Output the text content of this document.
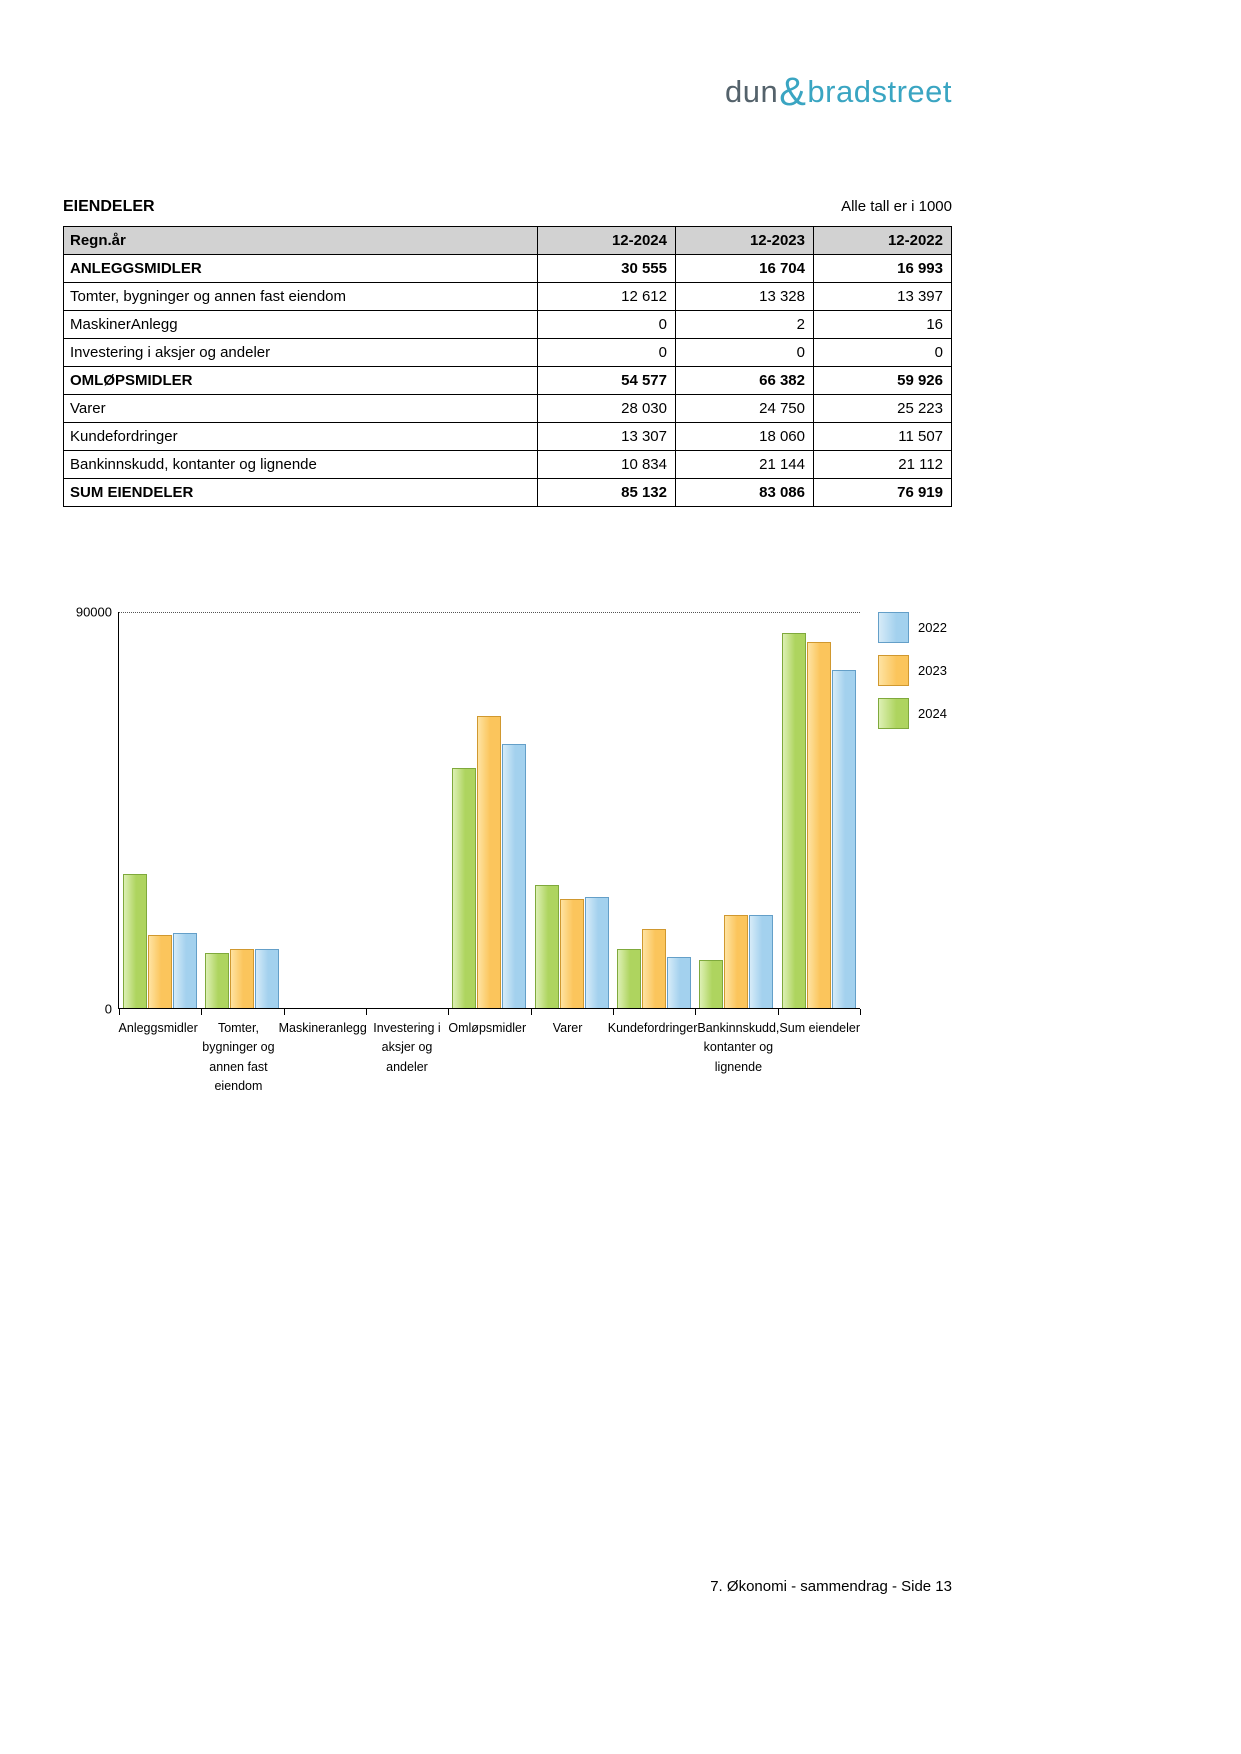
dun&bradstreet
EIENDELER	Alle tall er i 1000
Regn.år	12-2024	12-2023	12-2022
ANLEGGSMIDLER	30 555	16 704	16 993
Tomter, bygninger og annen fast eiendom	12 612	13 328	13 397
MaskinerAnlegg	0	2	16
Investering i aksjer og andeler	0	0	0
OMLØPSMIDLER	54 577	66 382	59 926
Varer	28 030	24 750	25 223
Kundefordringer	13 307	18 060	11 507
Bankinnskudd, kontanter og lignende	10 834	21 144	21 112
SUM EIENDELER	85 132	83 086	76 919
90000
0
Anleggsmidler	Tomter,
bygninger og
annen fast
eiendom
Maskineranlegg Investering i
aksjer og
andeler
Omløpsmidler	Varer	Kundefordringer Bankinnskudd,
kontanter og
lignende
Sum eiendeler
2022
2023
2024
7. Økonomi - sammendrag - Side 13
